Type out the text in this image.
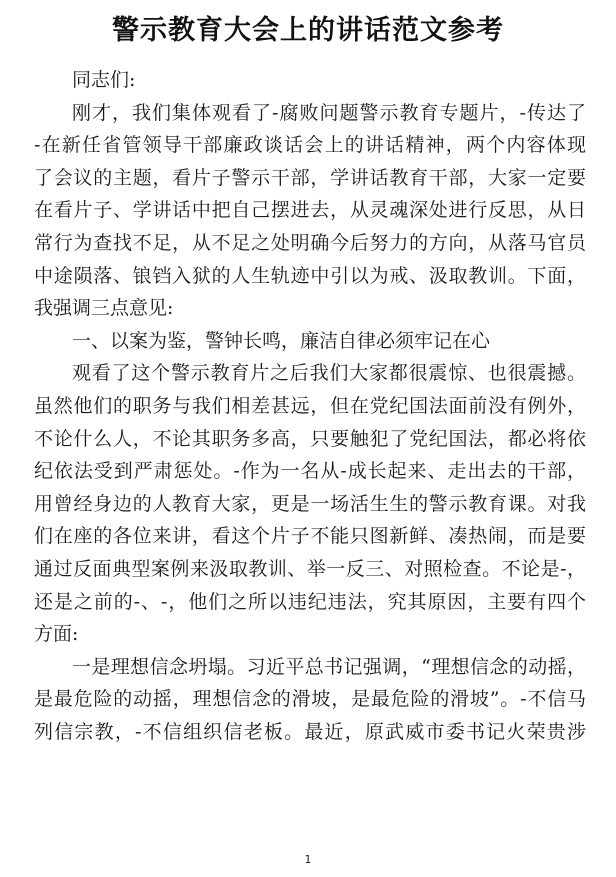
警示教育大会上的讲话范文参考
同志们:
刚才，我们集体观看了-腐败问题警示教育专题片，-传达了
-在新任省管领导干部廉政谈话会上的讲话精神，两个内容体现
了会议的主题，看片子警示干部，学讲话教育干部，大家一定要
在看片子、学讲话中把自己摆进去，从灵魂深处进行反思，从日
常行为查找不足，从不足之处明确今后努力的方向，从落马官员
中途陨落、锒铛入狱的人生轨迹中引以为戒、汲取教训。下面，
我强调三点意见:
一、以案为鉴，警钟长鸣，廉洁自律必须牢记在心
观看了这个警示教育片之后我们大家都很震惊、也很震撼。
虽然他们的职务与我们相差甚远，但在党纪国法面前没有例外，
不论什么人，不论其职务多高，只要触犯了党纪国法，都必将依
纪依法受到严肃惩处。-作为一名从-成长起来、走出去的干部，
用曾经身边的人教育大家，更是一场活生生的警示教育课。对我
们在座的各位来讲，看这个片子不能只图新鲜、凑热闹，而是要
通过反面典型案例来汲取教训、举一反三、对照检查。不论是-，
还是之前的-、-，他们之所以违纪违法，究其原因，主要有四个
方面:
一是理想信念坍塌。习近平总书记强调，“理想信念的动摇，
是最危险的动摇，理想信念的滑坡，是最危险的滑坡”。-不信马
列信宗教，-不信组织信老板。最近，原武威市委书记火荣贵涉
1
